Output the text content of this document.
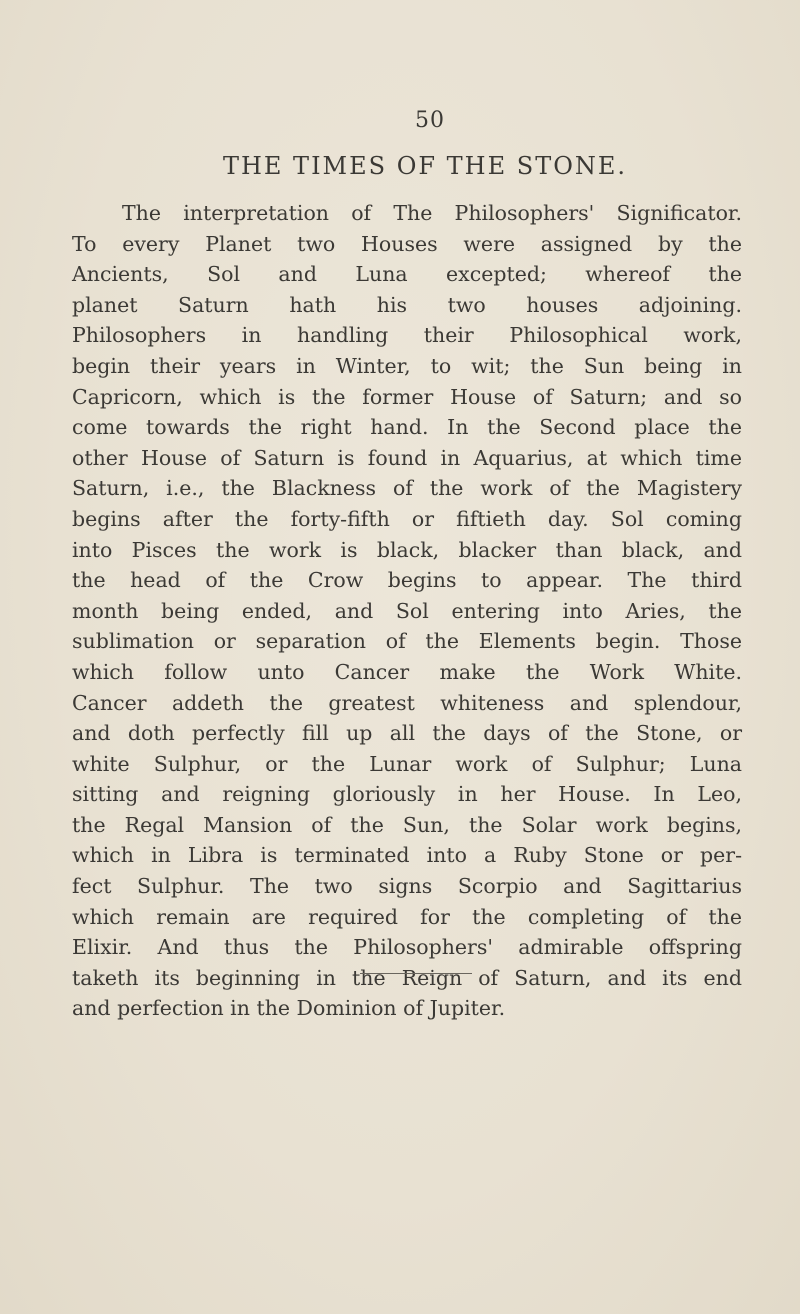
50
THE TIMES OF THE STONE.
The interpretation of The Philosophers' Significator.
To every Planet two Houses were assigned by the
Ancients, Sol and Luna excepted; whereof the
planet Saturn hath his two houses adjoining.
Philosophers in handling their Philosophical work,
begin their years in Winter, to wit; the Sun being in
Capricorn, which is the former House of Saturn; and so
come towards the right hand. In the Second place the
other House of Saturn is found in Aquarius, at which time
Saturn, i.e., the Blackness of the work of the Magistery
begins after the forty-fifth or fiftieth day. Sol coming
into Pisces the work is black, blacker than black, and
the head of the Crow begins to appear. The third
month being ended, and Sol entering into Aries, the
sublimation or separation of the Elements begin. Those
which follow unto Cancer make the Work White.
Cancer addeth the greatest whiteness and splendour,
and doth perfectly fill up all the days of the Stone, or
white Sulphur, or the Lunar work of Sulphur; Luna
sitting and reigning gloriously in her House. In Leo,
the Regal Mansion of the Sun, the Solar work begins,
which in Libra is terminated into a Ruby Stone or per-
fect Sulphur. The two signs Scorpio and Sagittarius
which remain are required for the completing of the
Elixir. And thus the Philosophers' admirable offspring
taketh its beginning in the Reign of Saturn, and its end
and perfection in the Dominion of Jupiter.
